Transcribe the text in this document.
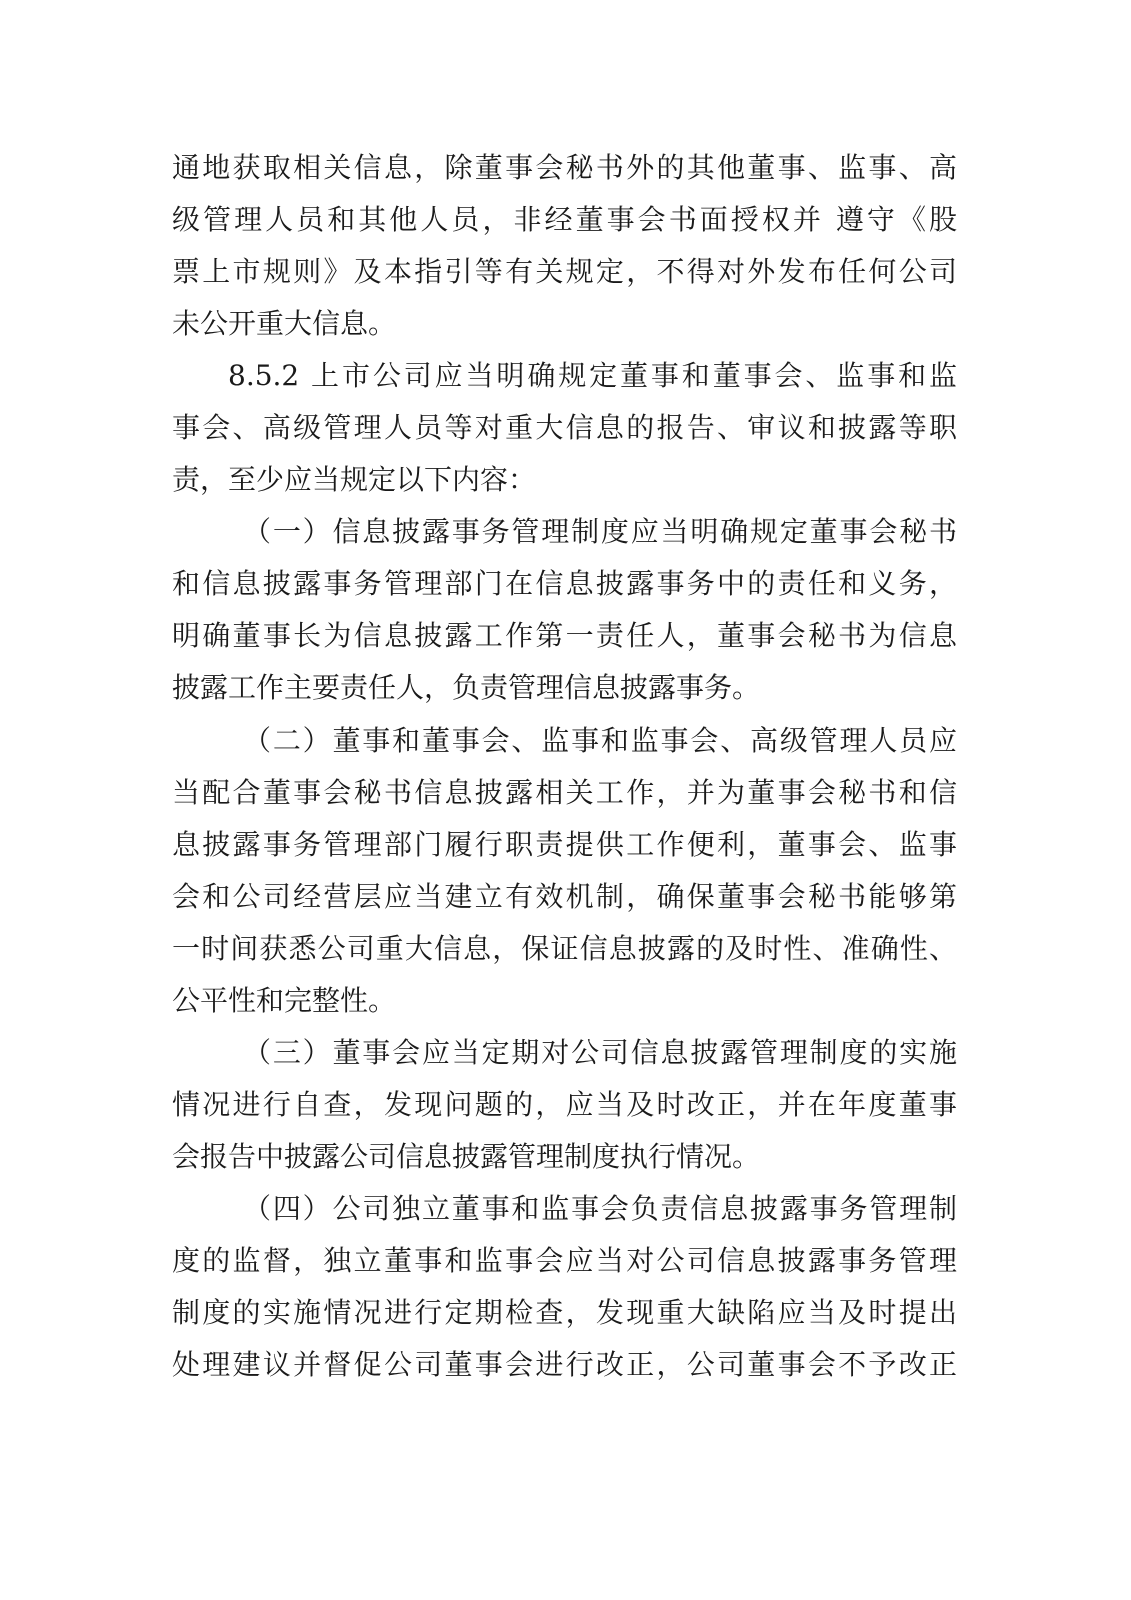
通地获取相关信息，除董事会秘书外的其他董事、监事、高
级管理人员和其他人员，非经董事会书面授权并 遵守《股
票上市规则》及本指引等有关规定，不得对外发布任何公司
未公开重大信息。
8.5.2 上市公司应当明确规定董事和董事会、监事和监
事会、高级管理人员等对重大信息的报告、审议和披露等职
责，至少应当规定以下内容：
（一）信息披露事务管理制度应当明确规定董事会秘书
和信息披露事务管理部门在信息披露事务中的责任和义务，
明确董事长为信息披露工作第一责任人，董事会秘书为信息
披露工作主要责任人，负责管理信息披露事务。
（二）董事和董事会、监事和监事会、高级管理人员应
当配合董事会秘书信息披露相关工作，并为董事会秘书和信
息披露事务管理部门履行职责提供工作便利，董事会、监事
会和公司经营层应当建立有效机制，确保董事会秘书能够第
一时间获悉公司重大信息，保证信息披露的及时性、准确性、
公平性和完整性。
（三）董事会应当定期对公司信息披露管理制度的实施
情况进行自查，发现问题的，应当及时改正，并在年度董事
会报告中披露公司信息披露管理制度执行情况。
（四）公司独立董事和监事会负责信息披露事务管理制
度的监督，独立董事和监事会应当对公司信息披露事务管理
制度的实施情况进行定期检查，发现重大缺陷应当及时提出
处理建议并督促公司董事会进行改正，公司董事会不予改正
